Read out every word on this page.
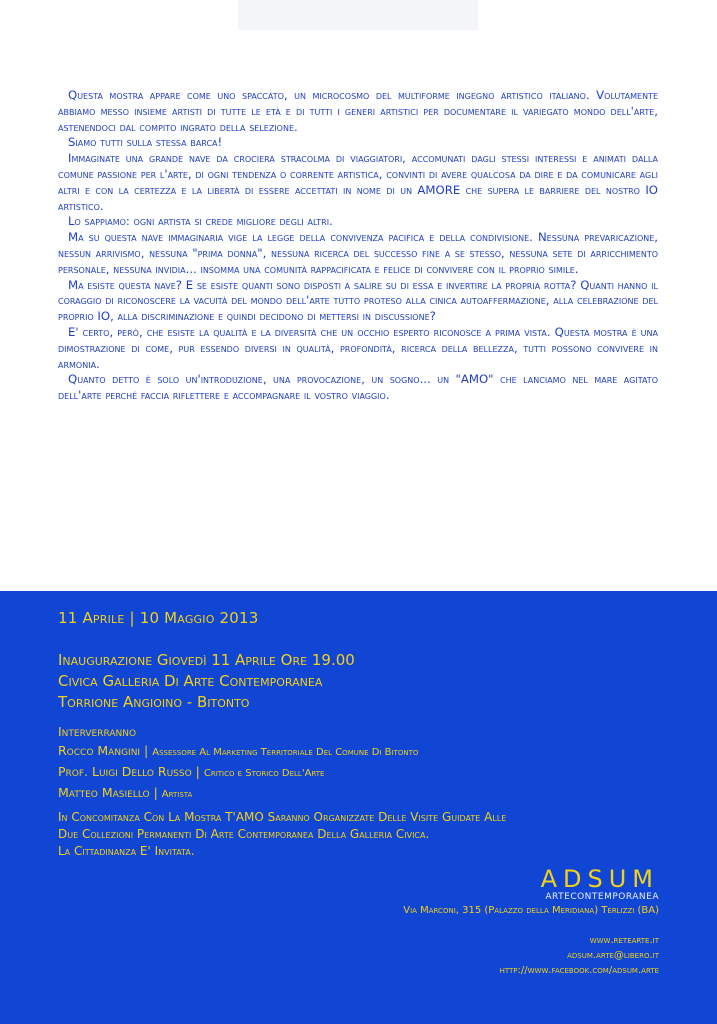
Questa mostra appare come uno spaccato, un microcosmo del multiforme ingegno artistico italiano. Volutamente abbiamo messo insieme artisti di tutte le età e di tutti i generi artistici per documentare il variegato mondo dell'arte, astenendoci dal compito ingrato della selezione.

Siamo tutti sulla stessa barca!

Immaginate una grande nave da crociera stracolma di viaggiatori, accomunati dagli stessi interessi e animati dalla comune passione per l'arte, di ogni tendenza o corrente artistica, convinti di avere qualcosa da dire e da comunicare agli altri e con la certezza e la libertà di essere accettati in nome di un AMORE che supera le barriere del nostro IO artistico.

Lo sappiamo: ogni artista si crede migliore degli altri.

Ma su questa nave immaginaria vige la legge della convivenza pacifica e della condivisione. Nessuna prevaricazione, nessun arrivismo, nessuna "prima donna", nessuna ricerca del successo fine a se stesso, nessuna sete di arricchimento personale, nessuna invidia... insomma una comunità rappacificata e felice di convivere con il proprio simile.

Ma esiste questa nave? E se esiste quanti sono disposti a salire su di essa e invertire la propria rotta? Quanti hanno il coraggio di riconoscere la vacuità del mondo dell'arte tutto proteso alla cinica autoaffermazione, alla celebrazione del proprio IO, alla discriminazione e quindi decidono di mettersi in discussione?

E' certo, però, che esiste la qualità e la diversità che un occhio esperto riconosce a prima vista. Questa mostra è una dimostrazione di come, pur essendo diversi in qualità, profondità, ricerca della bellezza, tutti possono convivere in armonia.

Quanto detto è solo un'introduzione, una provocazione, un sogno... un "AMO" che lanciamo nel mare agitato dell'arte perché faccia riflettere e accompagnare il vostro viaggio.

11 Aprile | 10 Maggio 2013
Inaugurazione Giovedì 11 Aprile Ore 19.00
Civica Galleria Di Arte Contemporanea
Torrione Angioino - Bitonto
Interverranno
Rocco Mangini | Assessore Al Marketing Territoriale Del Comune Di Bitonto
Prof. Luigi Dello Russo | Critico e Storico Dell'Arte
Matteo Masiello | Artista
In Concomitanza Con La Mostra T'AMO Saranno Organizzate Delle Visite Guidate Alle
Due Collezioni Permanenti Di Arte Contemporanea Della Galleria Civica.
La Cittadinanza E' Invitata.
ADSUM
ARTECONTEMPORANEA
Via Marconi, 315 (Palazzo della Meridiana) Terlizzi (BA)
www.retearte.it
adsum.arte@libero.it
http://www.facebook.com/adsum.arte
